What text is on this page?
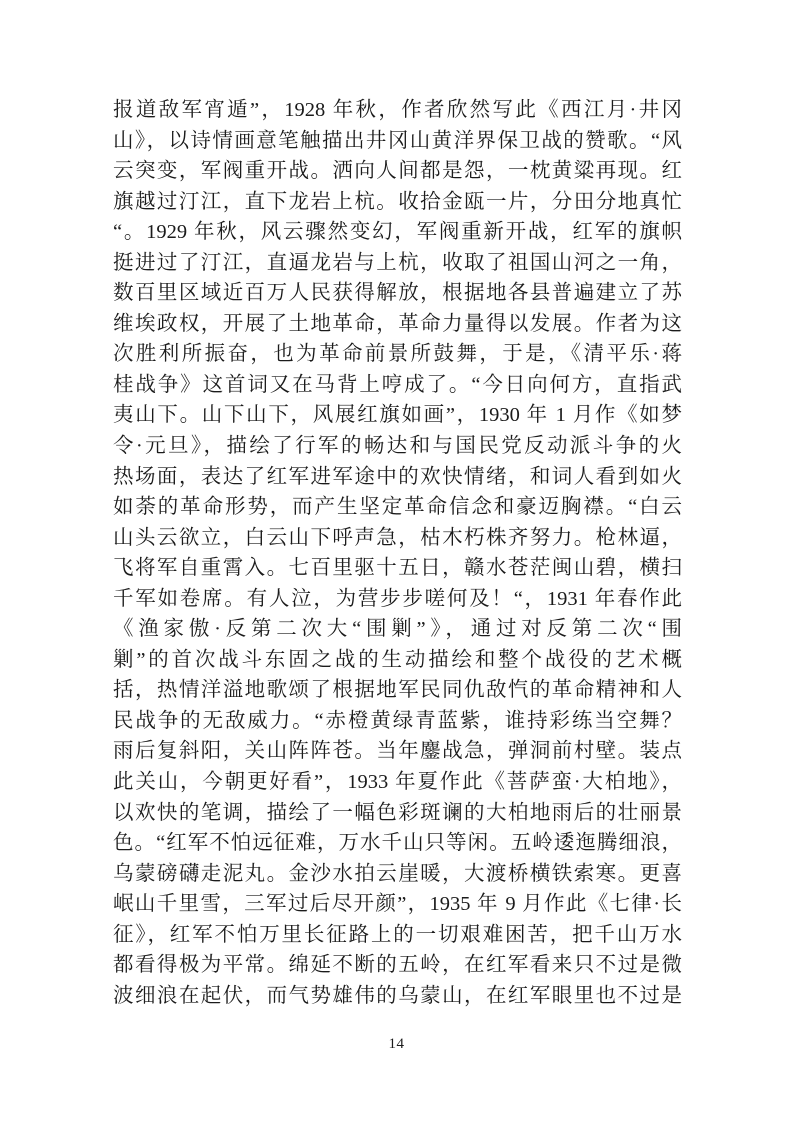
报道敌军宵遁”，1928 年秋，作者欣然写此《西江月·井冈
山》，以诗情画意笔触描出井冈山黄洋界保卫战的赞歌。“风
云突变，军阀重开战。洒向人间都是怨，一枕黄粱再现。红
旗越过汀江，直下龙岩上杭。收拾金瓯一片，分田分地真忙
“。1929 年秋，风云骤然变幻，军阀重新开战，红军的旗帜
挺进过了汀江，直逼龙岩与上杭，收取了祖国山河之一角，
数百里区域近百万人民获得解放，根据地各县普遍建立了苏
维埃政权，开展了土地革命，革命力量得以发展。作者为这
次胜利所振奋，也为革命前景所鼓舞，于是，《清平乐·蒋
桂战争》这首词又在马背上哼成了。“今日向何方，直指武
夷山下。山下山下，风展红旗如画”，1930 年 1 月作《如梦
令·元旦》，描绘了行军的畅达和与国民党反动派斗争的火
热场面，表达了红军进军途中的欢快情绪，和词人看到如火
如荼的革命形势，而产生坚定革命信念和豪迈胸襟。“白云
山头云欲立，白云山下呼声急，枯木朽株齐努力。枪林逼，
飞将军自重霄入。七百里驱十五日，赣水苍茫闽山碧，横扫
千军如卷席。有人泣，为营步步嗟何及！“，1931 年春作此
《渔家傲·反第二次大“围剿”》，通过对反第二次“围
剿”的首次战斗东固之战的生动描绘和整个战役的艺术概
括，热情洋溢地歌颂了根据地军民同仇敌忾的革命精神和人
民战争的无敌威力。“赤橙黄绿青蓝紫，谁持彩练当空舞？
雨后复斜阳，关山阵阵苍。当年鏖战急，弹洞前村壁。装点
此关山，今朝更好看”，1933 年夏作此《菩萨蛮·大柏地》，
以欢快的笔调，描绘了一幅色彩斑谰的大柏地雨后的壮丽景
色。“红军不怕远征难，万水千山只等闲。五岭逶迤腾细浪，
乌蒙磅礴走泥丸。金沙水拍云崖暖，大渡桥横铁索寒。更喜
岷山千里雪，三军过后尽开颜”，1935 年 9 月作此《七律·长
征》，红军不怕万里长征路上的一切艰难困苦，把千山万水
都看得极为平常。绵延不断的五岭，在红军看来只不过是微
波细浪在起伏，而气势雄伟的乌蒙山，在红军眼里也不过是
14
